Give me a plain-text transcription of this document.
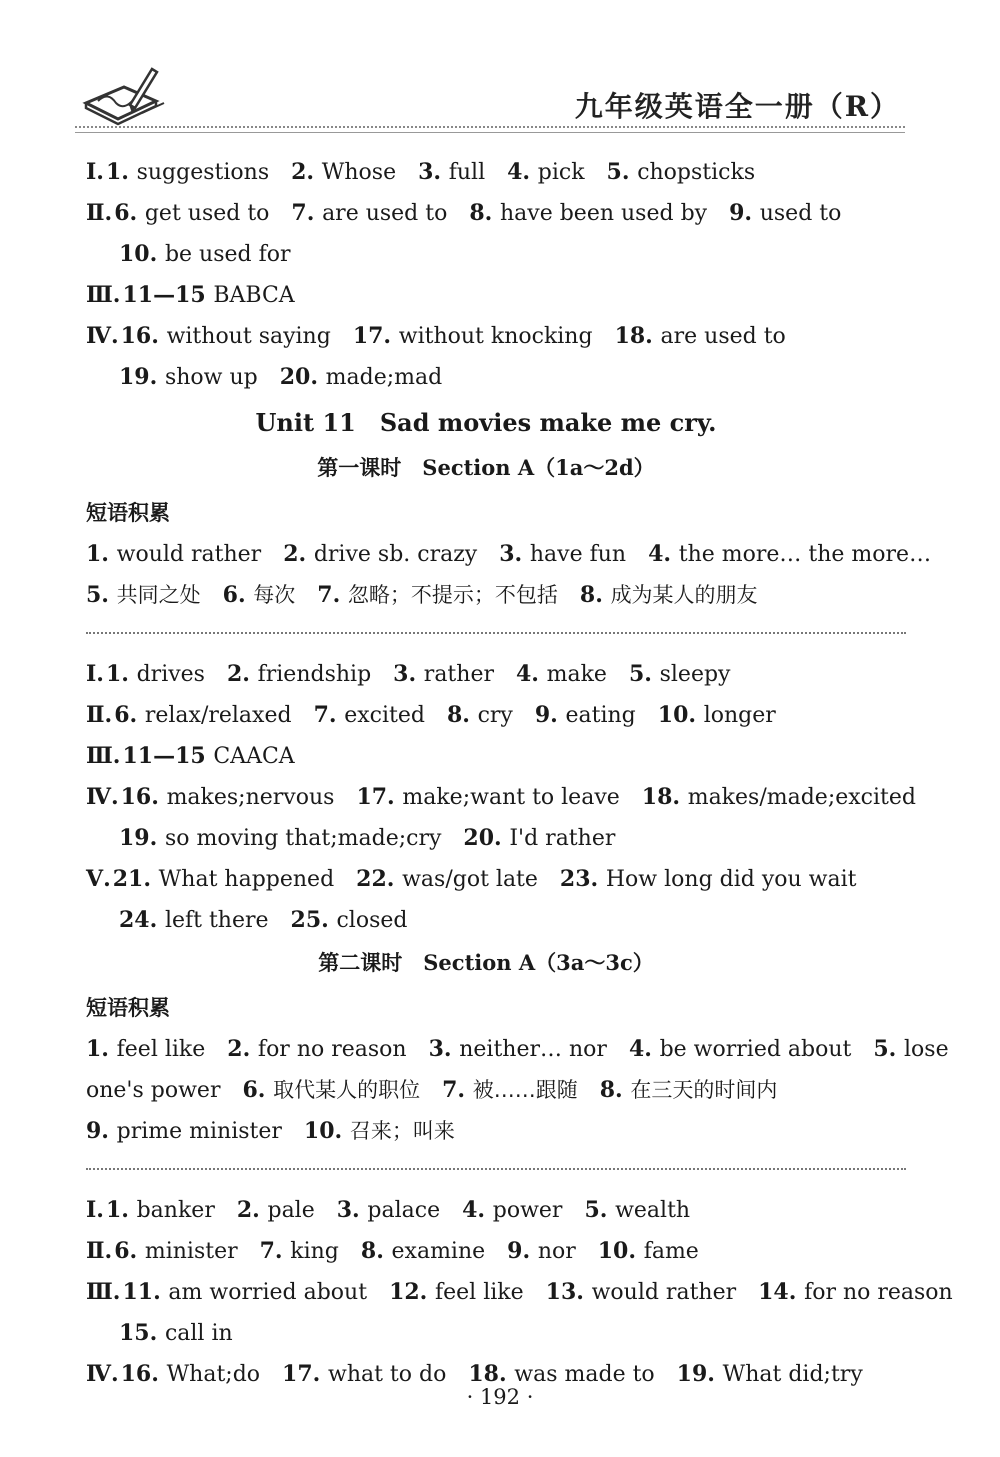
九年级英语全一册（R）
Ⅰ.1. suggestions 2. Whose 3. full 4. pick 5. chopsticks
Ⅱ.6. get used to 7. are used to 8. have been used by 9. used to
10. be used for
Ⅲ.11—15 BABCA
Ⅳ.16. without saying 17. without knocking 18. are used to
19. show up 20. made;mad
Unit 11　Sad movies make me cry.
第一课时　Section A（1a～2d）
短语积累
1. would rather 2. drive sb. crazy 3. have fun 4. the more… the more…
5. 共同之处 6. 每次 7. 忽略；不提示；不包括 8. 成为某人的朋友
Ⅰ.1. drives 2. friendship 3. rather 4. make 5. sleepy
Ⅱ.6. relax/relaxed 7. excited 8. cry 9. eating 10. longer
Ⅲ.11—15 CAACA
Ⅳ.16. makes;nervous 17. make;want to leave 18. makes/made;excited
19. so moving that;made;cry 20. I'd rather
Ⅴ.21. What happened 22. was/got late 23. How long did you wait
24. left there 25. closed
第二课时　Section A（3a～3c）
短语积累
1. feel like 2. for no reason 3. neither… nor 4. be worried about 5. lose
one's power 6. 取代某人的职位 7. 被……跟随 8. 在三天的时间内
9. prime minister 10. 召来；叫来
Ⅰ.1. banker 2. pale 3. palace 4. power 5. wealth
Ⅱ.6. minister 7. king 8. examine 9. nor 10. fame
Ⅲ.11. am worried about 12. feel like 13. would rather 14. for no reason
15. call in
Ⅳ.16. What;do 17. what to do 18. was made to 19. What did;try
· 192 ·
